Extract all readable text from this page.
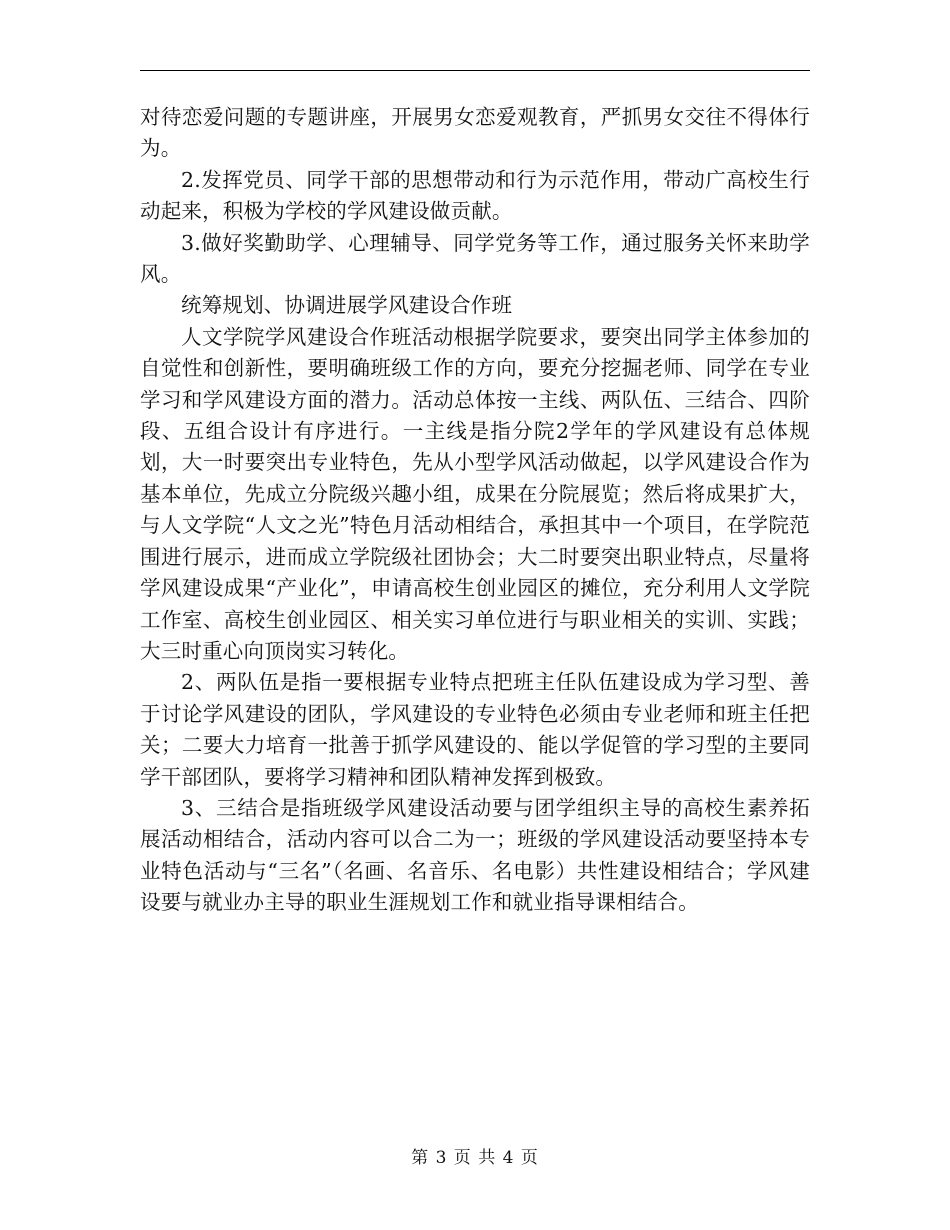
对待恋爱问题的专题讲座，开展男女恋爱观教育，严抓男女交往不得体行为。

2.发挥党员、同学干部的思想带动和行为示范作用，带动广高校生行动起来，积极为学校的学风建设做贡献。

3.做好奖勤助学、心理辅导、同学党务等工作，通过服务关怀来助学风。

统筹规划、协调进展学风建设合作班

人文学院学风建设合作班活动根据学院要求，要突出同学主体参加的自觉性和创新性，要明确班级工作的方向，要充分挖掘老师、同学在专业学习和学风建设方面的潜力。活动总体按一主线、两队伍、三结合、四阶段、五组合设计有序进行。一主线是指分院2学年的学风建设有总体规划，大一时要突出专业特色，先从小型学风活动做起，以学风建设合作为基本单位，先成立分院级兴趣小组，成果在分院展览；然后将成果扩大，与人文学院“人文之光”特色月活动相结合，承担其中一个项目，在学院范围进行展示，进而成立学院级社团协会；大二时要突出职业特点，尽量将学风建设成果“产业化”，申请高校生创业园区的摊位，充分利用人文学院工作室、高校生创业园区、相关实习单位进行与职业相关的实训、实践；大三时重心向顶岗实习转化。

2、两队伍是指一要根据专业特点把班主任队伍建设成为学习型、善于讨论学风建设的团队，学风建设的专业特色必须由专业老师和班主任把关；二要大力培育一批善于抓学风建设的、能以学促管的学习型的主要同学干部团队，要将学习精神和团队精神发挥到极致。

3、三结合是指班级学风建设活动要与团学组织主导的高校生素养拓展活动相结合，活动内容可以合二为一；班级的学风建设活动要坚持本专业特色活动与“三名”（名画、名音乐、名电影）共性建设相结合；学风建设要与就业办主导的职业生涯规划工作和就业指导课相结合。

第 3 页 共 4 页
